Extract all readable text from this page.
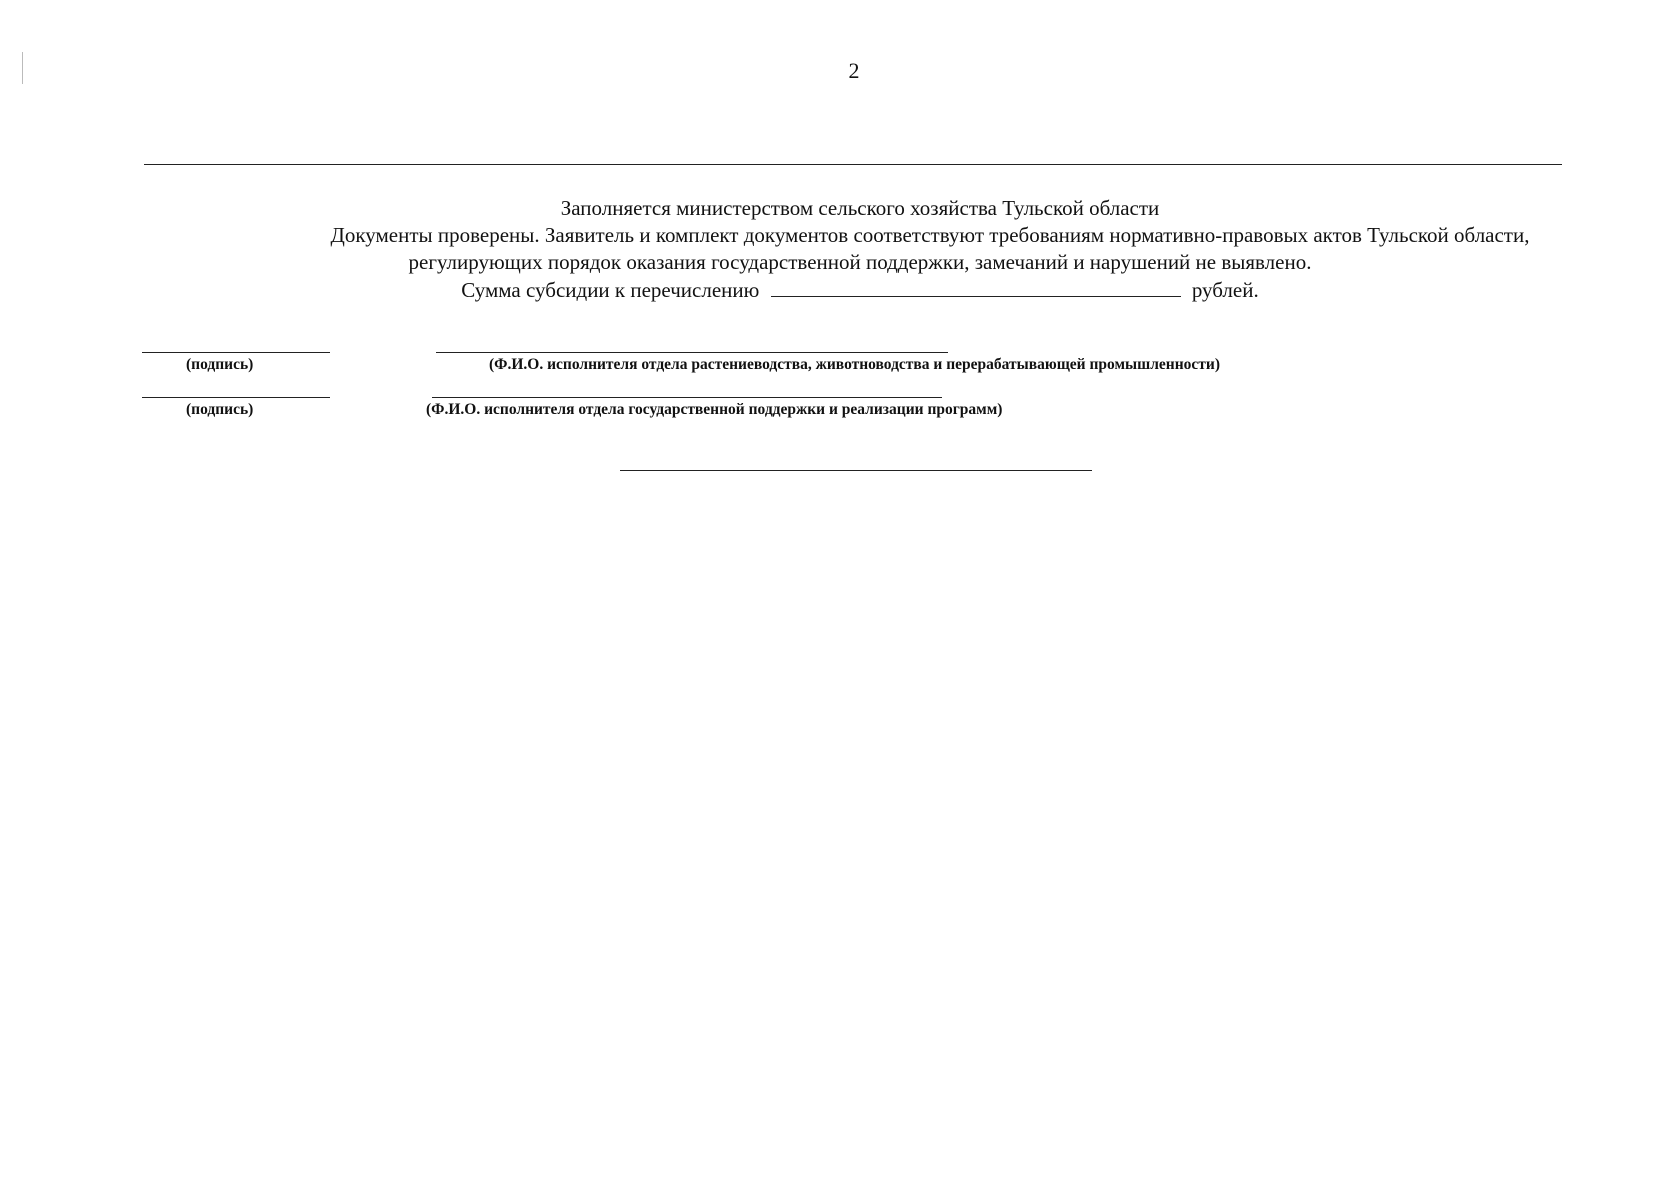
2
Заполняется министерством сельского хозяйства Тульской области
Документы проверены. Заявитель и комплект документов соответствуют требованиям нормативно-правовых актов Тульской области,
регулирующих порядок оказания государственной поддержки, замечаний и нарушений не выявлено.
Сумма субсидии к перечислению	рублей.
(подпись)	(Ф.И.О. исполнителя отдела растениеводства, животноводства и перерабатывающей промышленности)
(подпись)	(Ф.И.О. исполнителя отдела государственной поддержки и реализации программ)
